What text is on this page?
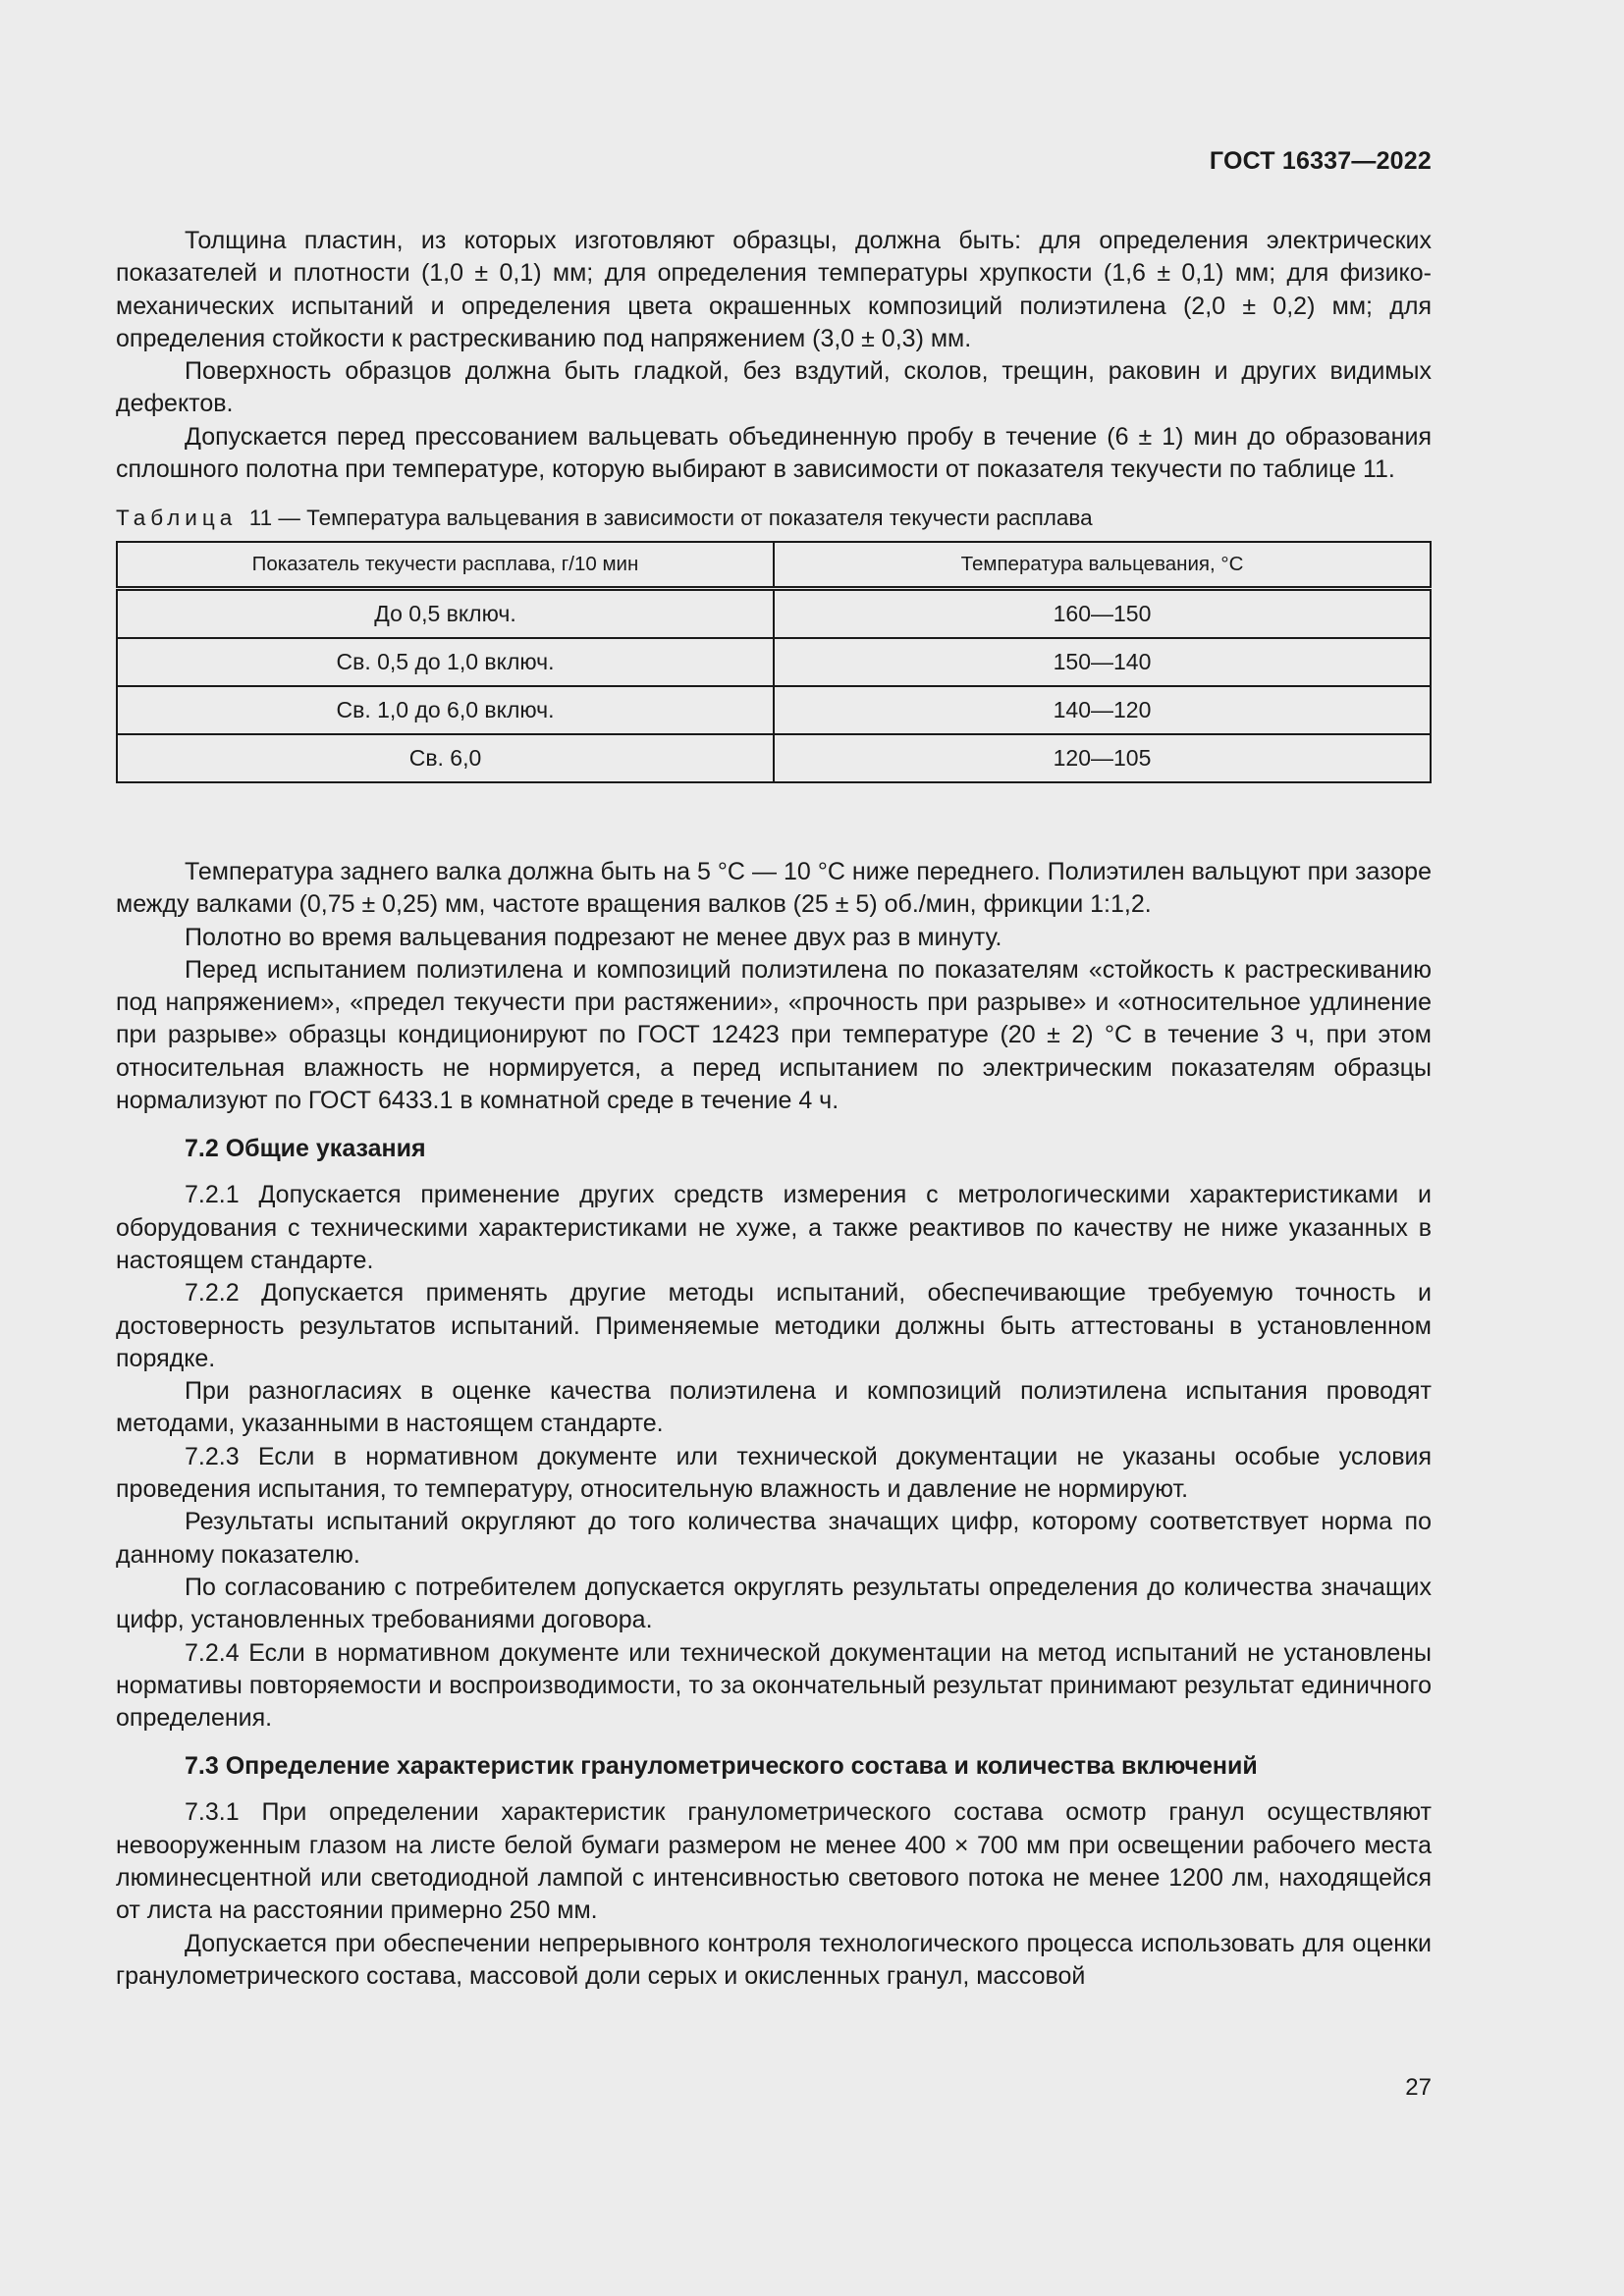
ГОСТ 16337—2022

Толщина пластин, из которых изготовляют образцы, должна быть: для определения электрических показателей и плотности (1,0 ± 0,1) мм; для определения температуры хрупкости (1,6 ± 0,1) мм; для физико-механических испытаний и определения цвета окрашенных композиций полиэтилена (2,0 ± 0,2) мм; для определения стойкости к растрескиванию под напряжением (3,0 ± 0,3) мм.

Поверхность образцов должна быть гладкой, без вздутий, сколов, трещин, раковин и других видимых дефектов.

Допускается перед прессованием вальцевать объединенную пробу в течение (6 ± 1) мин до образования сплошного полотна при температуре, которую выбирают в зависимости от показателя текучести по таблице 11.

Таблица 11 — Температура вальцевания в зависимости от показателя текучести расплава
Показатель текучести расплава, г/10 мин	Температура вальцевания, °С
До 0,5 включ.	160—150
Св. 0,5 до 1,0 включ.	150—140
Св. 1,0 до 6,0 включ.	140—120
Св. 6,0	120—105

Температура заднего валка должна быть на 5 °С — 10 °С ниже переднего. Полиэтилен вальцуют при зазоре между валками (0,75 ± 0,25) мм, частоте вращения валков (25 ± 5) об./мин, фрикции 1:1,2.

Полотно во время вальцевания подрезают не менее двух раз в минуту.

Перед испытанием полиэтилена и композиций полиэтилена по показателям «стойкость к растрескиванию под напряжением», «предел текучести при растяжении», «прочность при разрыве» и «относительное удлинение при разрыве» образцы кондиционируют по ГОСТ 12423 при температуре (20 ± 2) °С в течение 3 ч, при этом относительная влажность не нормируется, а перед испытанием по электрическим показателям образцы нормализуют по ГОСТ 6433.1 в комнатной среде в течение 4 ч.

7.2 Общие указания

7.2.1 Допускается применение других средств измерения с метрологическими характеристиками и оборудования с техническими характеристиками не хуже, а также реактивов по качеству не ниже указанных в настоящем стандарте.

7.2.2 Допускается применять другие методы испытаний, обеспечивающие требуемую точность и достоверность результатов испытаний. Применяемые методики должны быть аттестованы в установленном порядке.

При разногласиях в оценке качества полиэтилена и композиций полиэтилена испытания проводят методами, указанными в настоящем стандарте.

7.2.3 Если в нормативном документе или технической документации не указаны особые условия проведения испытания, то температуру, относительную влажность и давление не нормируют.

Результаты испытаний округляют до того количества значащих цифр, которому соответствует норма по данному показателю.

По согласованию с потребителем допускается округлять результаты определения до количества значащих цифр, установленных требованиями договора.

7.2.4 Если в нормативном документе или технической документации на метод испытаний не установлены нормативы повторяемости и воспроизводимости, то за окончательный результат принимают результат единичного определения.

7.3 Определение характеристик гранулометрического состава и количества включений

7.3.1 При определении характеристик гранулометрического состава осмотр гранул осуществляют невооруженным глазом на листе белой бумаги размером не менее 400 × 700 мм при освещении рабочего места люминесцентной или светодиодной лампой с интенсивностью светового потока не менее 1200 лм, находящейся от листа на расстоянии примерно 250 мм.

Допускается при обеспечении непрерывного контроля технологического процесса использовать для оценки гранулометрического состава, массовой доли серых и окисленных гранул, массовой

27
